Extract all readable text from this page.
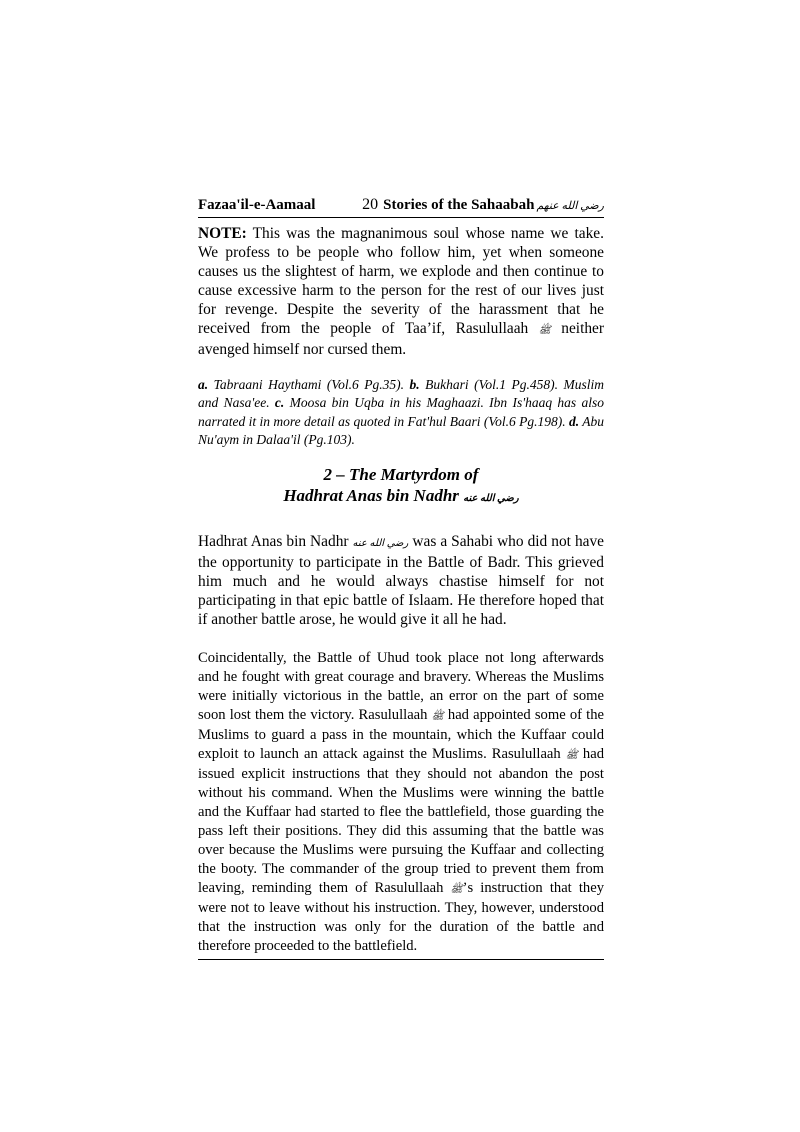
Fazaa'il-e-Aamaal	20 Stories of the Sahaabah رضي الله عنهم

NOTE: This was the magnanimous soul whose name we take. We profess to be people who follow him, yet when someone causes us the slightest of harm, we explode and then continue to cause excessive harm to the person for the rest of our lives just for revenge. Despite the severity of the harassment that he received from the people of Taa’if, Rasulullaah ﷺ neither avenged himself nor cursed them.

a. Tabraani Haythami (Vol.6 Pg.35). b. Bukhari (Vol.1 Pg.458). Muslim and Nasa'ee. c. Moosa bin Uqba in his Maghaazi. Ibn Is'haaq has also narrated it in more detail as quoted in Fat'hul Baari (Vol.6 Pg.198). d. Abu Nu'aym in Dalaa'il (Pg.103).

2 – The Martyrdom of
Hadhrat Anas bin Nadhr رضي الله عنه

Hadhrat Anas bin Nadhr رضي الله عنه was a Sahabi who did not have the opportunity to participate in the Battle of Badr. This grieved him much and he would always chastise himself for not participating in that epic battle of Islaam. He therefore hoped that if another battle arose, he would give it all he had.

Coincidentally, the Battle of Uhud took place not long afterwards and he fought with great courage and bravery. Whereas the Muslims were initially victorious in the battle, an error on the part of some soon lost them the victory. Rasulullaah ﷺ had appointed some of the Muslims to guard a pass in the mountain, which the Kuffaar could exploit to launch an attack against the Muslims. Rasulullaah ﷺ had issued explicit instructions that they should not abandon the post without his command. When the Muslims were winning the battle and the Kuffaar had started to flee the battlefield, those guarding the pass left their positions. They did this assuming that the battle was over because the Muslims were pursuing the Kuffaar and collecting the booty. The commander of the group tried to prevent them from leaving, reminding them of Rasulullaah ﷺ’s instruction that they were not to leave without his instruction. They, however, understood that the instruction was only for the duration of the battle and therefore proceeded to the battlefield.
